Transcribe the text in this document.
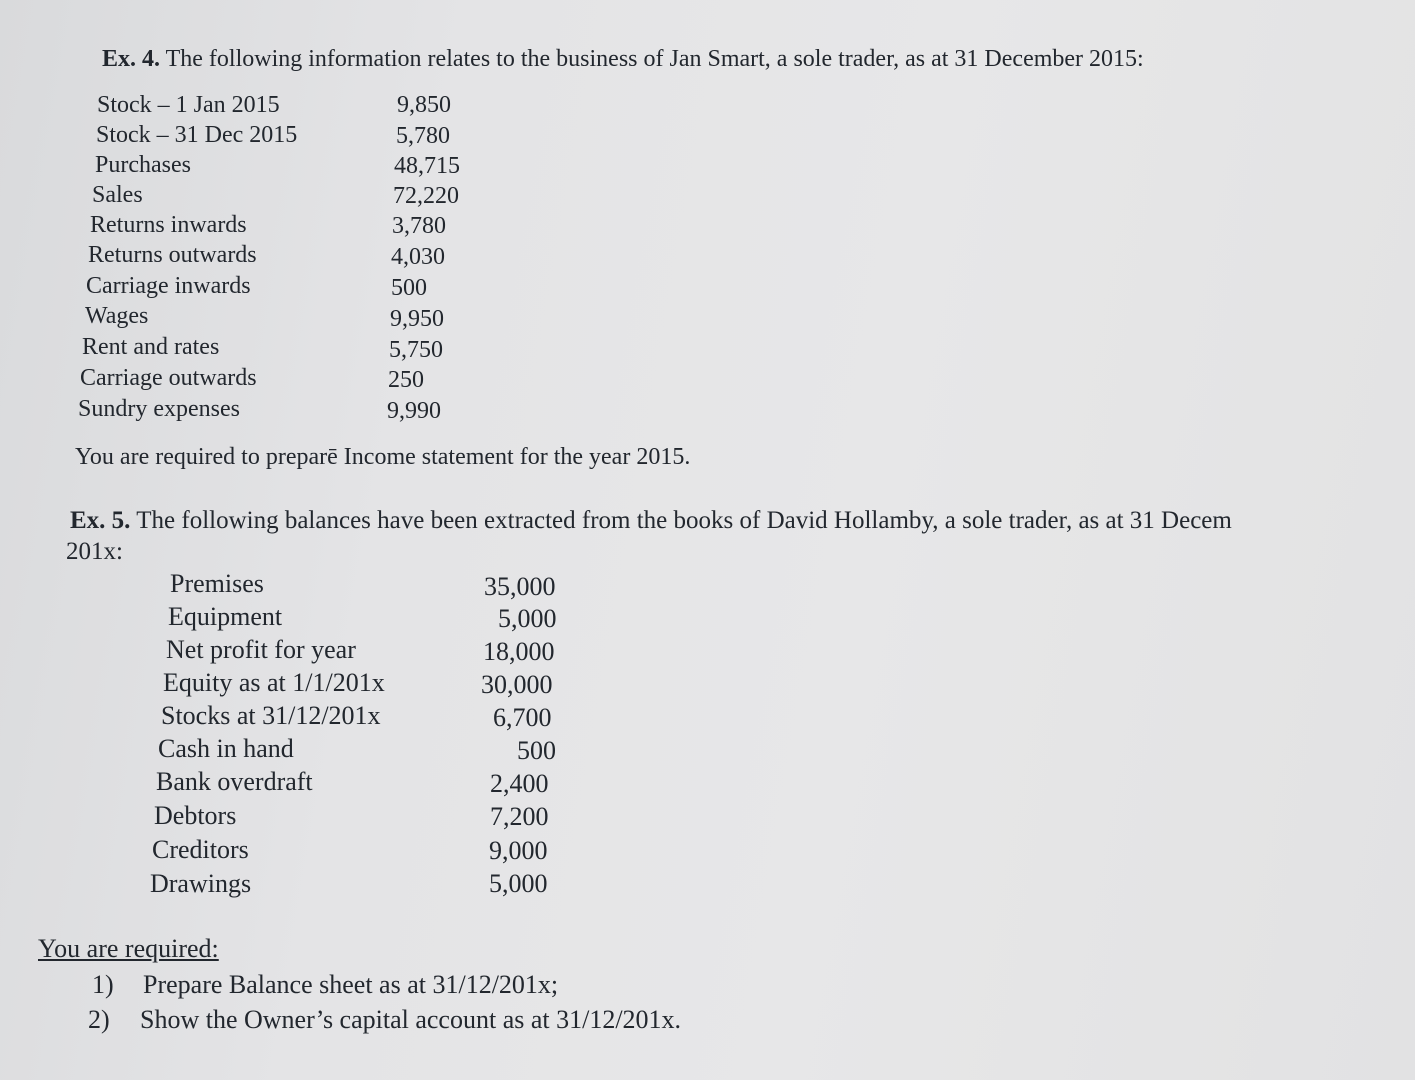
Ex. 4. The following information relates to the business of Jan Smart, a sole trader, as at 31 December 2015:
Stock – 1 Jan 2015	9,850
Stock – 31 Dec 2015	5,780
Purchases	48,715
Sales	72,220
Returns inwards	3,780
Returns outwards	4,030
Carriage inwards	500
Wages	9,950
Rent and rates	5,750
Carriage outwards	250
Sundry expenses	9,990
You are required to preparē Income statement for the year 2015.
Ex. 5. The following balances have been extracted from the books of David Hollamby, a sole trader, as at 31 Decem
201x:
Premises	35,000
Equipment	5,000
Net profit for year	18,000
Equity as at 1/1/201x	30,000
Stocks at 31/12/201x	6,700
Cash in hand	500
Bank overdraft	2,400
Debtors	7,200
Creditors	9,000
Drawings	5,000
You are required:
1) Prepare Balance sheet as at 31/12/201x;
2) Show the Owner’s capital account as at 31/12/201x.
